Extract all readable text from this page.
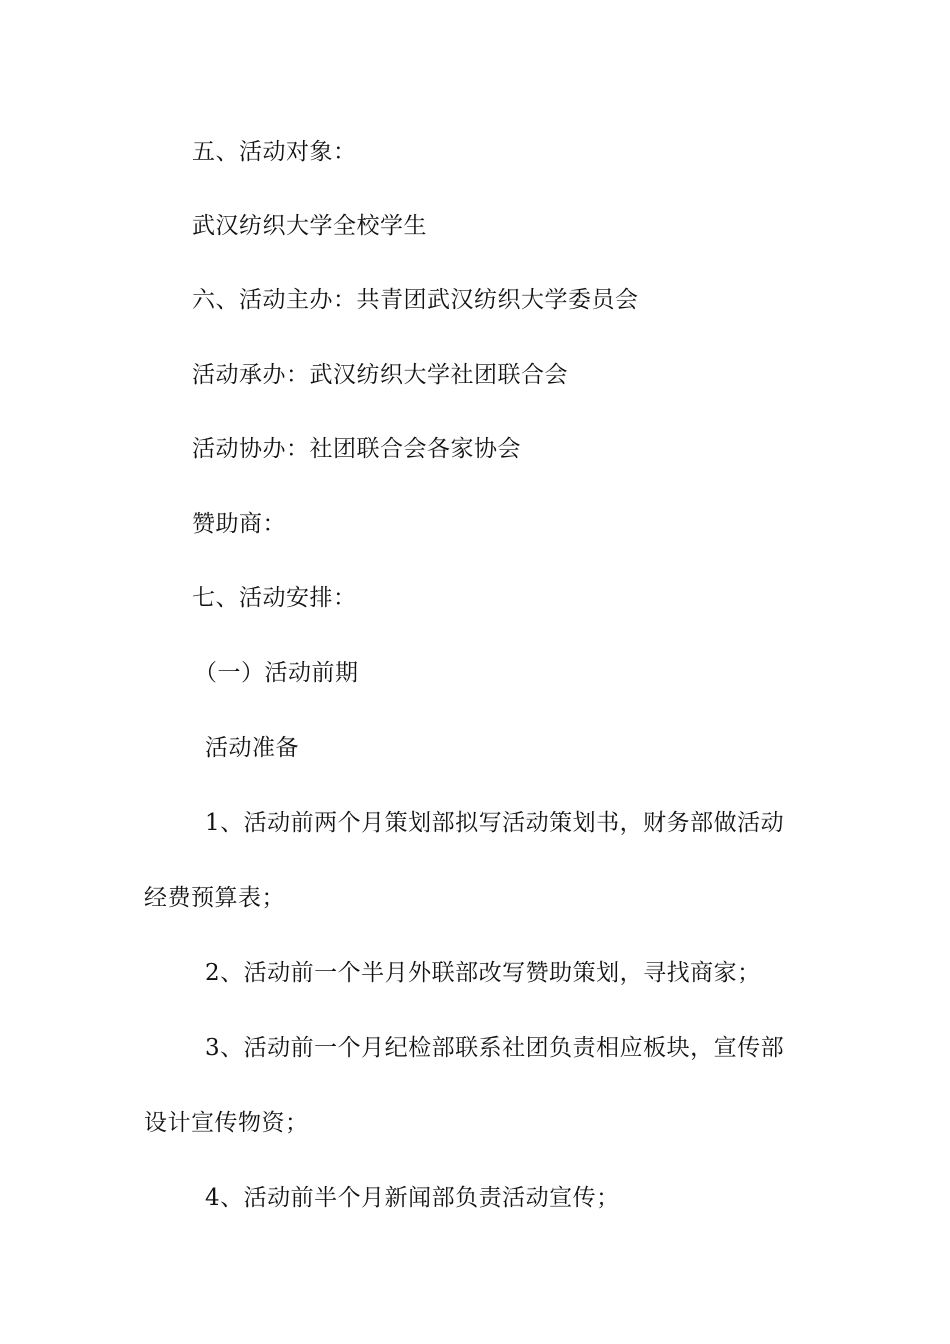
五、活动对象：
武汉纺织大学全校学生
六、活动主办：共青团武汉纺织大学委员会
活动承办：武汉纺织大学社团联合会
活动协办：社团联合会各家协会
赞助商：
七、活动安排：
（一）活动前期
活动准备
1、活动前两个月策划部拟写活动策划书，财务部做活动
经费预算表；
2、活动前一个半月外联部改写赞助策划，寻找商家；
3、活动前一个月纪检部联系社团负责相应板块，宣传部
设计宣传物资；
4、活动前半个月新闻部负责活动宣传；
